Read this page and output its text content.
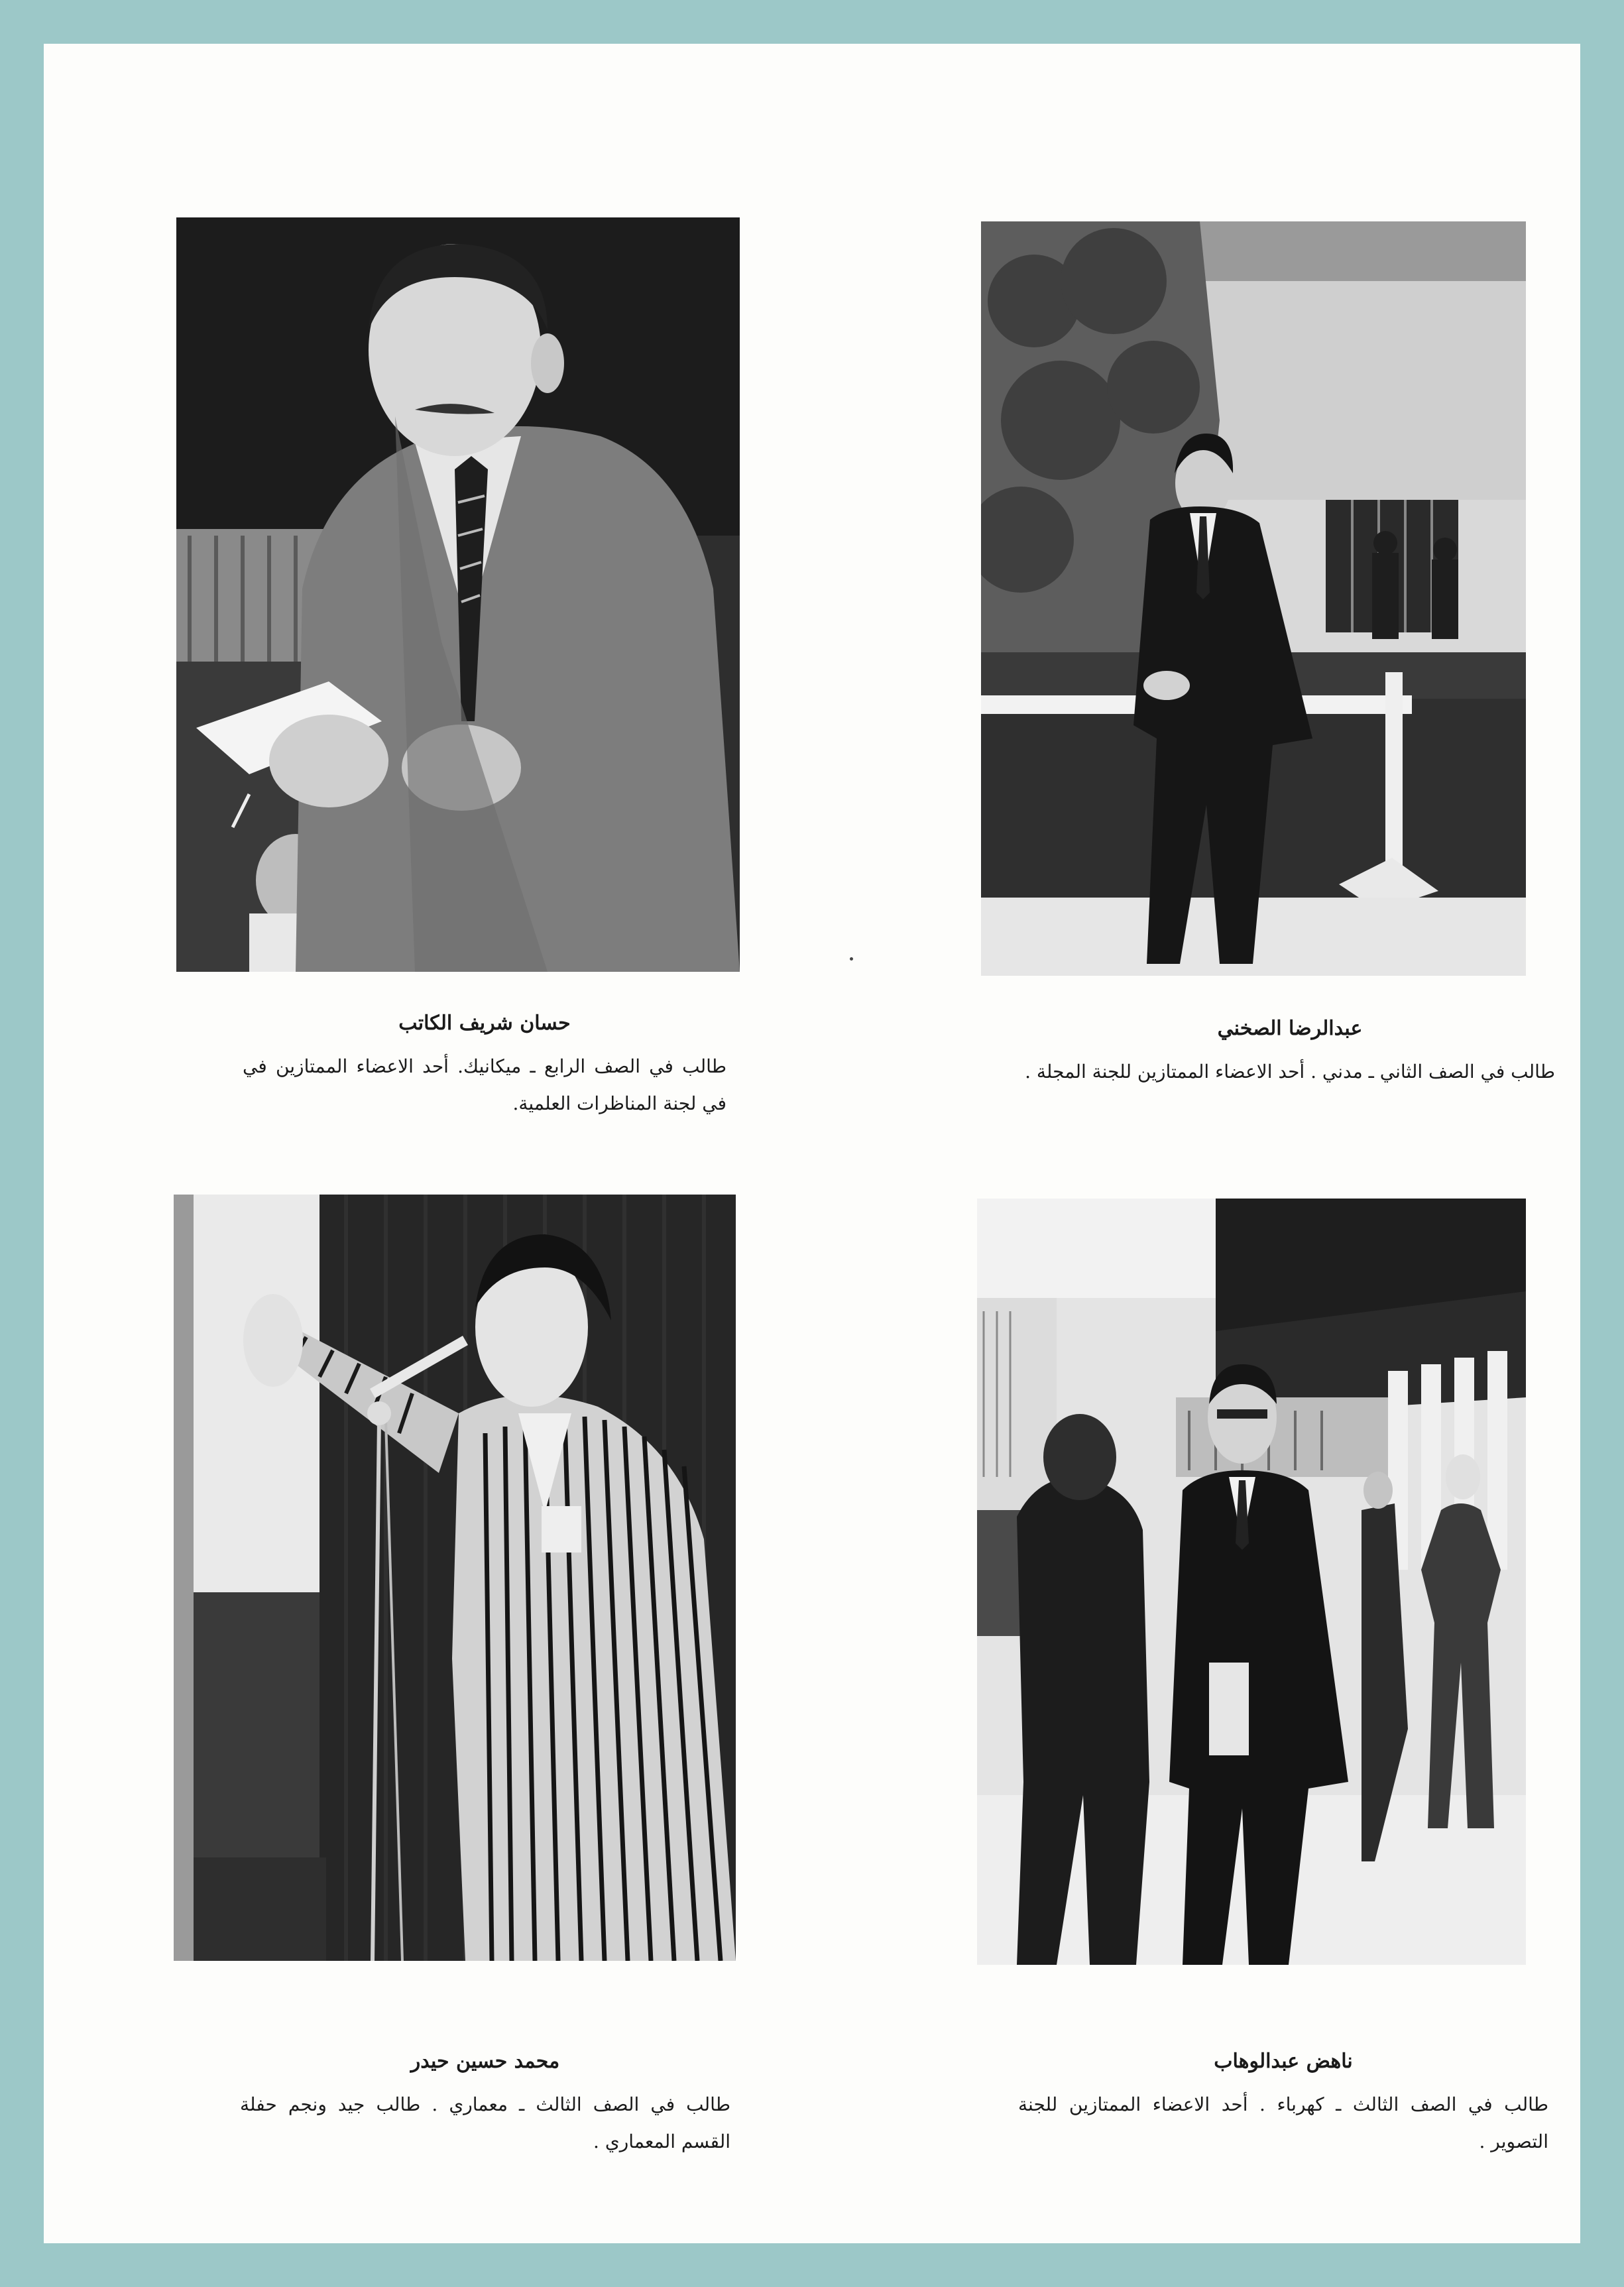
حسان شريف الكاتب
طالب في الصف الرابع ـ ميكانيك. أحد الاعضاء الممتازين في في لجنة المناظرات العلمية.
عبدالرضا الصخني
طالب في الصف الثاني ـ مدني . أحد الاعضاء الممتازين للجنة المجلة .
محمد حسين حيدر
طالب في الصف الثالث ـ معماري . طالب جيد ونجم حفلة القسم المعماري .
ناهض عبدالوهاب
طالب في الصف الثالث ـ كهرباء . أحد الاعضاء الممتازين للجنة التصوير .
